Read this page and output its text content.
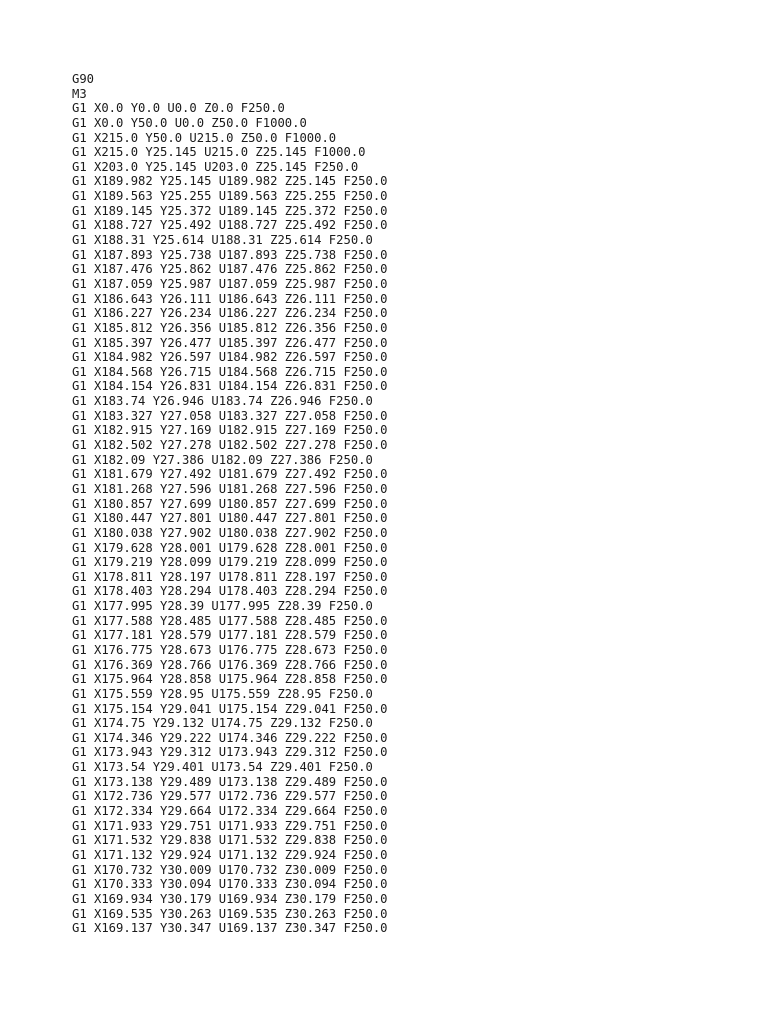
G90
M3
G1 X0.0 Y0.0 U0.0 Z0.0 F250.0
G1 X0.0 Y50.0 U0.0 Z50.0 F1000.0
G1 X215.0 Y50.0 U215.0 Z50.0 F1000.0
G1 X215.0 Y25.145 U215.0 Z25.145 F1000.0
G1 X203.0 Y25.145 U203.0 Z25.145 F250.0
G1 X189.982 Y25.145 U189.982 Z25.145 F250.0
G1 X189.563 Y25.255 U189.563 Z25.255 F250.0
G1 X189.145 Y25.372 U189.145 Z25.372 F250.0
G1 X188.727 Y25.492 U188.727 Z25.492 F250.0
G1 X188.31 Y25.614 U188.31 Z25.614 F250.0
G1 X187.893 Y25.738 U187.893 Z25.738 F250.0
G1 X187.476 Y25.862 U187.476 Z25.862 F250.0
G1 X187.059 Y25.987 U187.059 Z25.987 F250.0
G1 X186.643 Y26.111 U186.643 Z26.111 F250.0
G1 X186.227 Y26.234 U186.227 Z26.234 F250.0
G1 X185.812 Y26.356 U185.812 Z26.356 F250.0
G1 X185.397 Y26.477 U185.397 Z26.477 F250.0
G1 X184.982 Y26.597 U184.982 Z26.597 F250.0
G1 X184.568 Y26.715 U184.568 Z26.715 F250.0
G1 X184.154 Y26.831 U184.154 Z26.831 F250.0
G1 X183.74 Y26.946 U183.74 Z26.946 F250.0
G1 X183.327 Y27.058 U183.327 Z27.058 F250.0
G1 X182.915 Y27.169 U182.915 Z27.169 F250.0
G1 X182.502 Y27.278 U182.502 Z27.278 F250.0
G1 X182.09 Y27.386 U182.09 Z27.386 F250.0
G1 X181.679 Y27.492 U181.679 Z27.492 F250.0
G1 X181.268 Y27.596 U181.268 Z27.596 F250.0
G1 X180.857 Y27.699 U180.857 Z27.699 F250.0
G1 X180.447 Y27.801 U180.447 Z27.801 F250.0
G1 X180.038 Y27.902 U180.038 Z27.902 F250.0
G1 X179.628 Y28.001 U179.628 Z28.001 F250.0
G1 X179.219 Y28.099 U179.219 Z28.099 F250.0
G1 X178.811 Y28.197 U178.811 Z28.197 F250.0
G1 X178.403 Y28.294 U178.403 Z28.294 F250.0
G1 X177.995 Y28.39 U177.995 Z28.39 F250.0
G1 X177.588 Y28.485 U177.588 Z28.485 F250.0
G1 X177.181 Y28.579 U177.181 Z28.579 F250.0
G1 X176.775 Y28.673 U176.775 Z28.673 F250.0
G1 X176.369 Y28.766 U176.369 Z28.766 F250.0
G1 X175.964 Y28.858 U175.964 Z28.858 F250.0
G1 X175.559 Y28.95 U175.559 Z28.95 F250.0
G1 X175.154 Y29.041 U175.154 Z29.041 F250.0
G1 X174.75 Y29.132 U174.75 Z29.132 F250.0
G1 X174.346 Y29.222 U174.346 Z29.222 F250.0
G1 X173.943 Y29.312 U173.943 Z29.312 F250.0
G1 X173.54 Y29.401 U173.54 Z29.401 F250.0
G1 X173.138 Y29.489 U173.138 Z29.489 F250.0
G1 X172.736 Y29.577 U172.736 Z29.577 F250.0
G1 X172.334 Y29.664 U172.334 Z29.664 F250.0
G1 X171.933 Y29.751 U171.933 Z29.751 F250.0
G1 X171.532 Y29.838 U171.532 Z29.838 F250.0
G1 X171.132 Y29.924 U171.132 Z29.924 F250.0
G1 X170.732 Y30.009 U170.732 Z30.009 F250.0
G1 X170.333 Y30.094 U170.333 Z30.094 F250.0
G1 X169.934 Y30.179 U169.934 Z30.179 F250.0
G1 X169.535 Y30.263 U169.535 Z30.263 F250.0
G1 X169.137 Y30.347 U169.137 Z30.347 F250.0
